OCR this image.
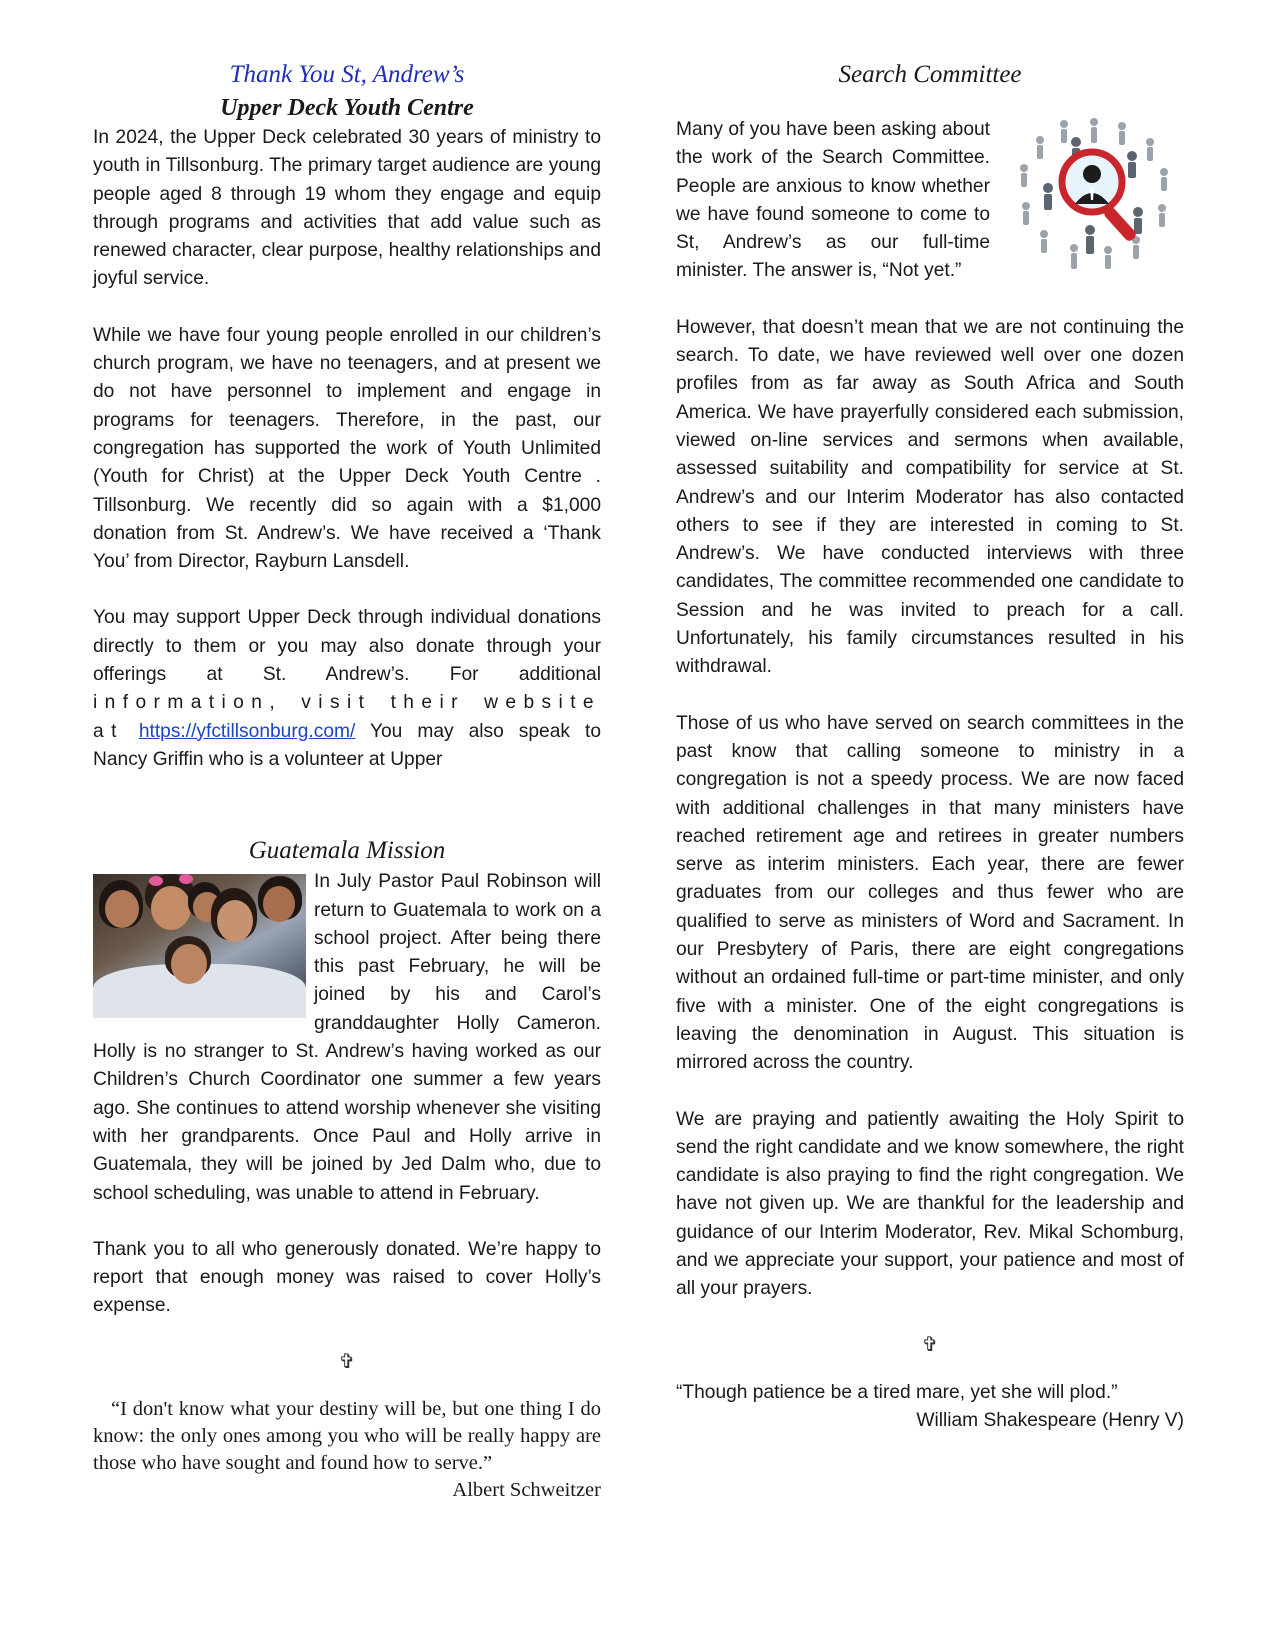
Thank You St, Andrew’s
Upper Deck Youth Centre

In 2024, the Upper Deck celebrated 30 years of ministry to youth in Tillsonburg. The primary target audience are young people aged 8 through 19 whom they engage and equip through programs and activities that add value such as renewed character, clear purpose, healthy relationships and joyful service.

While we have four young people enrolled in our children’s church program, we have no teenagers, and at present we do not have personnel to implement and engage in programs for teenagers. Therefore, in the past, our congregation has supported the work of Youth Unlimited (Youth for Christ) at the Upper Deck Youth Centre . Tillsonburg. We recently did so again with a $1,000 donation from St. Andrew’s. We have received a ‘Thank You’ from Director, Rayburn Lansdell.

You may support Upper Deck through individual donations directly to them or you may also donate through your offerings at St. Andrew’s. For additional information, visit their website at https://yfctillsonburg.com/ You may also speak to Nancy Griffin who is a volunteer at Upper

Guatemala Mission

In July Pastor Paul Robinson will return to Guatemala to work on a school project. After being there this past February, he will be joined by his and Carol’s granddaughter Holly Cameron. Holly is no stranger to St. Andrew’s having worked as our Children’s Church Coordinator one summer a few years ago. She continues to attend worship whenever she visiting with her grandparents. Once Paul and Holly arrive in Guatemala, they will be joined by Jed Dalm who, due to school scheduling, was unable to attend in February.

Thank you to all who generously donated. We’re happy to report that enough money was raised to cover Holly’s expense.

✞

“I don't know what your destiny will be, but one thing I do know: the only ones among you who will be really happy are those who have sought and found how to serve.”
Albert Schweitzer

Search Committee

Many of you have been asking about the work of the Search Committee. People are anxious to know whether we have found someone to come to St, Andrew’s as our full-time minister. The answer is, “Not yet.”

However, that doesn’t mean that we are not continuing the search. To date, we have reviewed well over one dozen profiles from as far away as South Africa and South America. We have prayerfully considered each submission, viewed on-line services and sermons when available, assessed suitability and compatibility for service at St. Andrew’s and our Interim Moderator has also contacted others to see if they are interested in coming to St. Andrew’s. We have conducted interviews with three candidates, The committee recommended one candidate to Session and he was invited to preach for a call. Unfortunately, his family circumstances resulted in his withdrawal.

Those of us who have served on search committees in the past know that calling someone to ministry in a congregation is not a speedy process. We are now faced with additional challenges in that many ministers have reached retirement age and retirees in greater numbers serve as interim ministers. Each year, there are fewer graduates from our colleges and thus fewer who are qualified to serve as ministers of Word and Sacrament. In our Presbytery of Paris, there are eight congregations without an ordained full-time or part-time minister, and only five with a minister. One of the eight congregations is leaving the denomination in August. This situation is mirrored across the country.

We are praying and patiently awaiting the Holy Spirit to send the right candidate and we know somewhere, the right candidate is also praying to find the right congregation. We have not given up. We are thankful for the leadership and guidance of our Interim Moderator, Rev. Mikal Schomburg, and we appreciate your support, your patience and most of all your prayers.

✞

“Though patience be a tired mare, yet she will plod.”

William Shakespeare (Henry V)
